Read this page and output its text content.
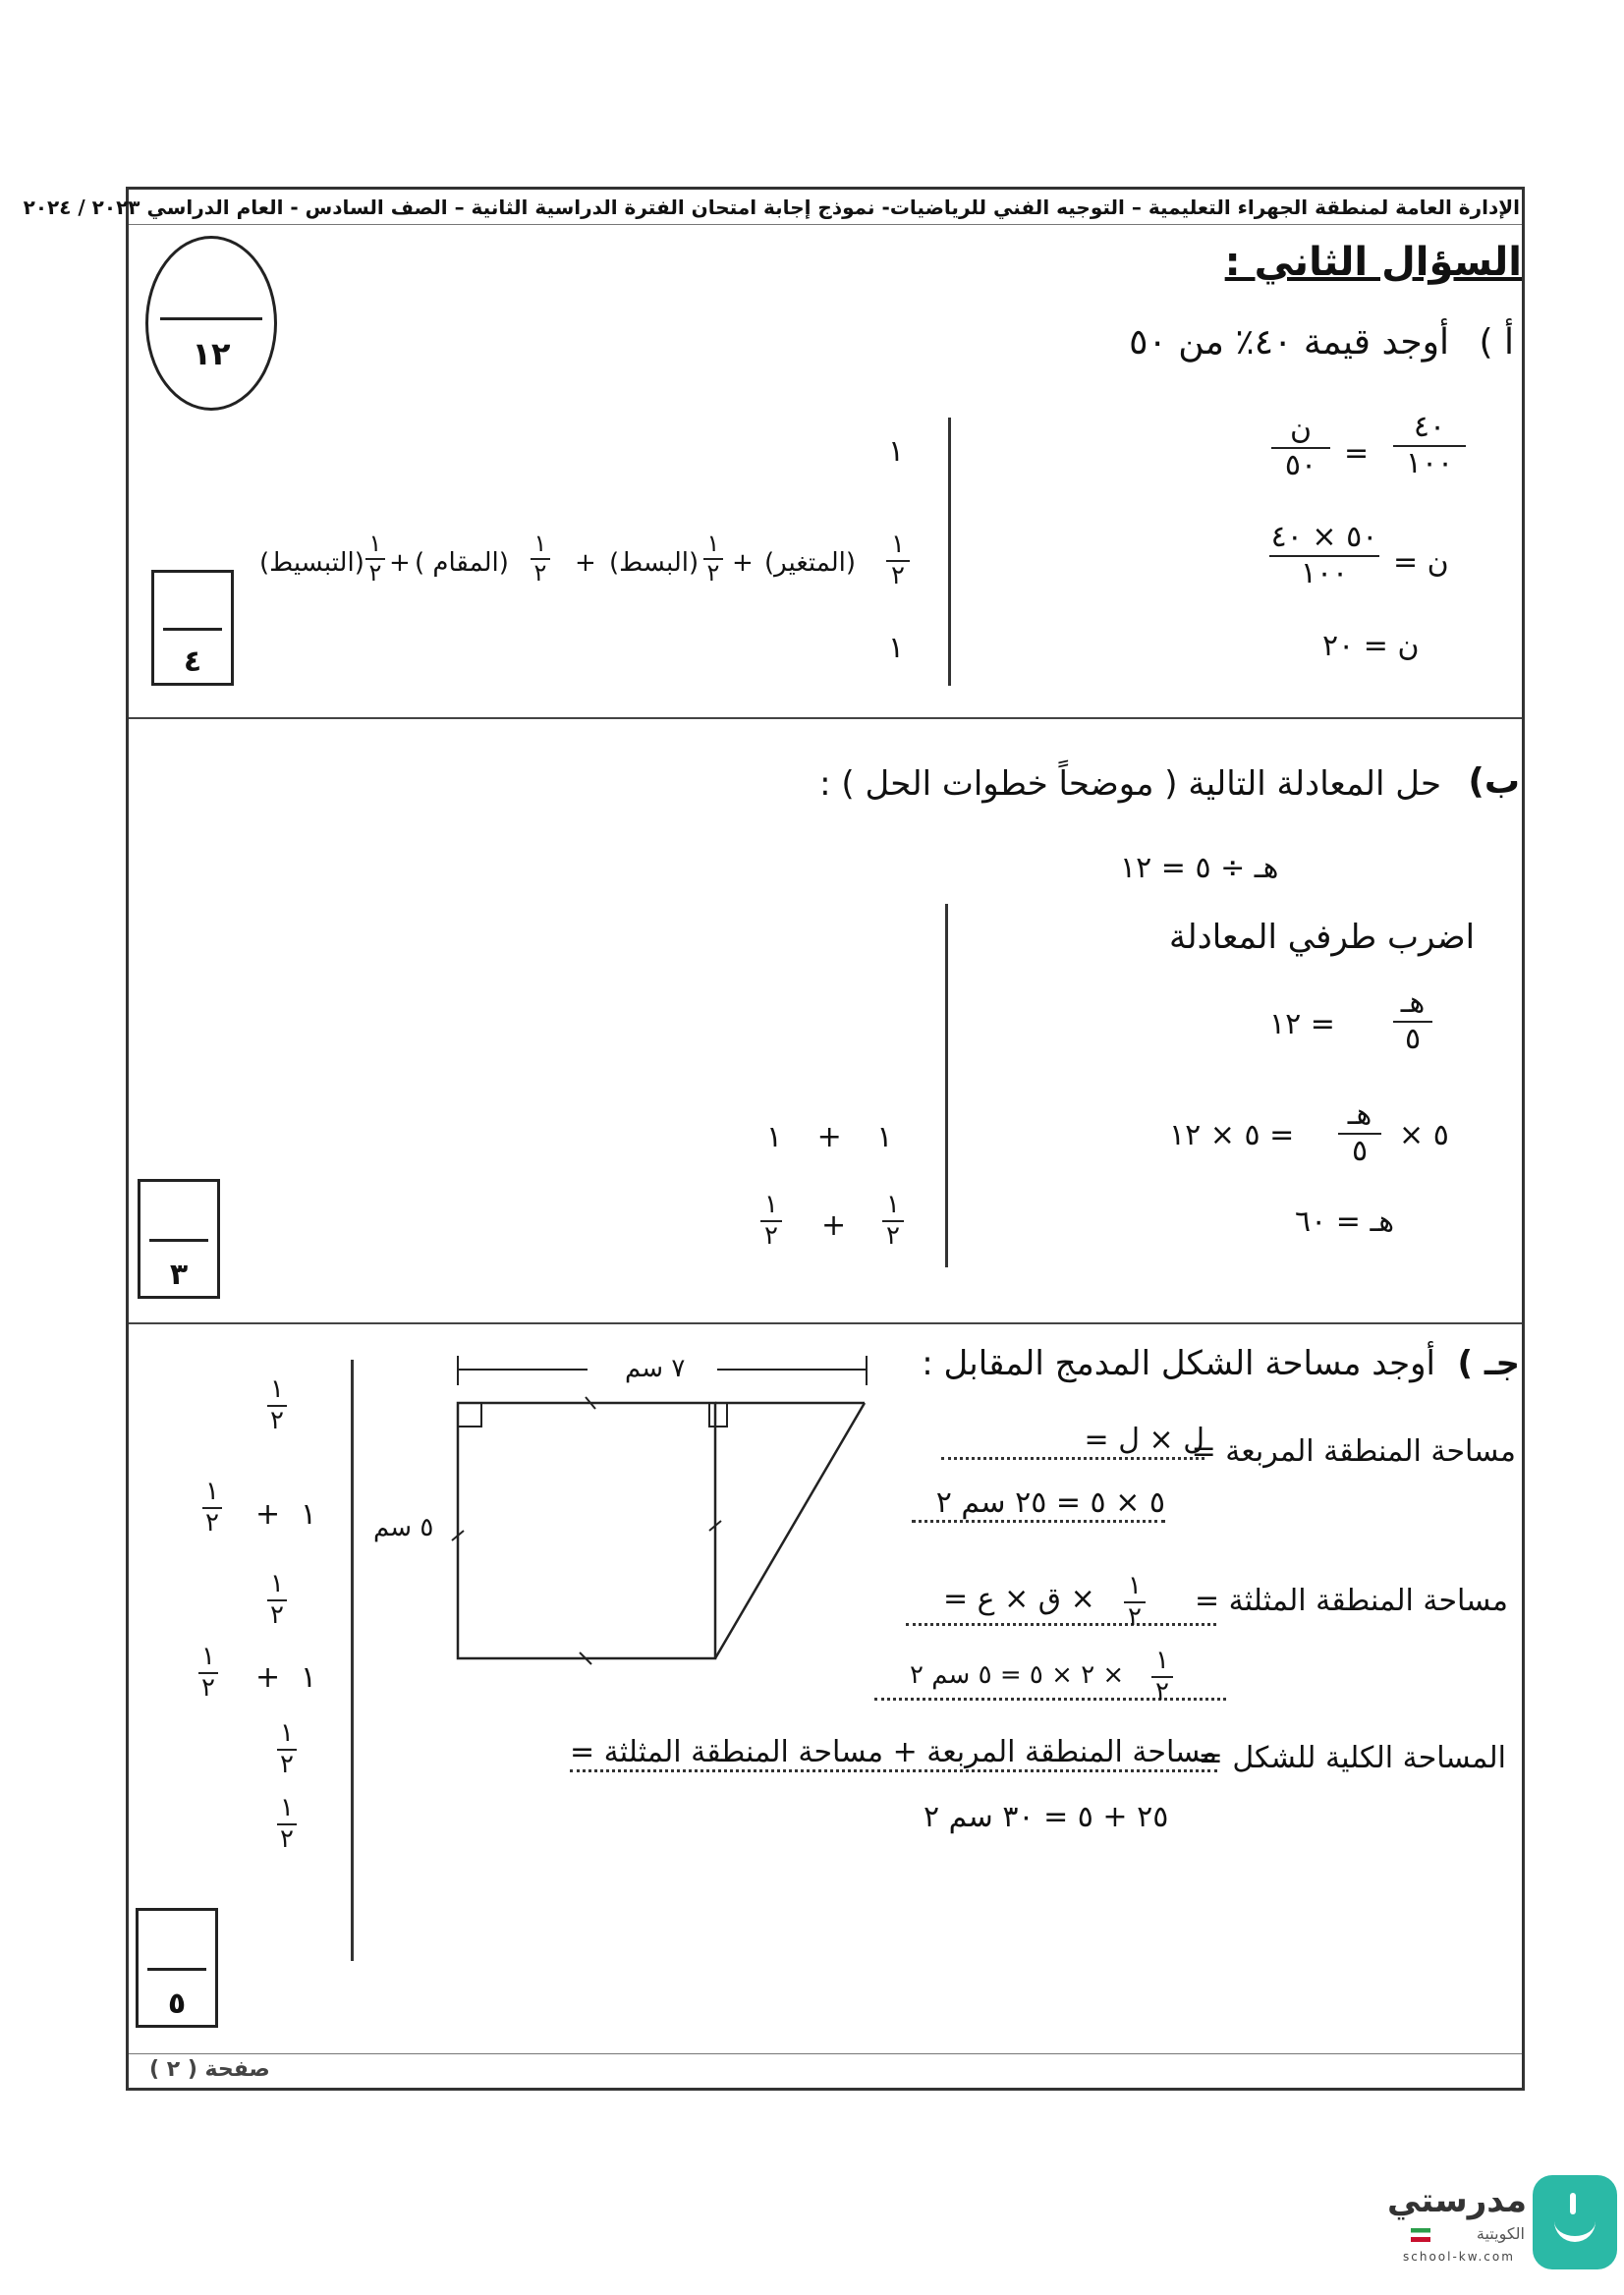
الإدارة العامة لمنطقة الجهراء التعليمية – التوجيه الفني للرياضيات- نموذج إجابة امتحان الفترة الدراسية الثانية – الصف السادس - العام الدراسي ٢٠٢٣ / ٢٠٢٤
السؤال الثاني :
١٢	أ )
أوجد قيمة ٤٠٪ من ٥٠
ن
٥٠ =
٤٠
١٠٠
ن =
٥٠ × ٤٠
١٠٠
ن = ٢٠
١
١
٢
(المتغير)
+
١
٢
(البسط)
+
١
٢
(المقام )
+
١
٢
(التبسيط)
١
٤
ب)
حل المعادلة التالية ( موضحاً خطوات الحل ) :
هـ ÷ ٥ = ١٢
اضرب طرفي المعادلة
هـ
٥
= ١٢
٥ ×
هـ
٥
= ٥ × ١٢
هـ = ٦٠
١ + ١
١
٢
+
١
٢
٣
جـ )
أوجد مساحة الشكل المدمج المقابل :
٧ سم
٥ سم
مساحة المنطقة المربعة =
ل × ل =
٥ × ٥ = ٢٥ سم ٢
مساحة المنطقة المثلثة =
× ق × ع = ١
٢
× ٢ × ٥ = ٥ سم ٢ ١
٢
المساحة الكلية للشكل =
مساحة المنطقة المربعة + مساحة المنطقة المثلثة =
٢٥ + ٥ = ٣٠ سم ٢
١
٢
١
+
١
٢
١
٢
١
+
١
٢
١
٢
١
٢
٥
صفحة ( ٢ )
مدرستي
الكويتية
school-kw.com
